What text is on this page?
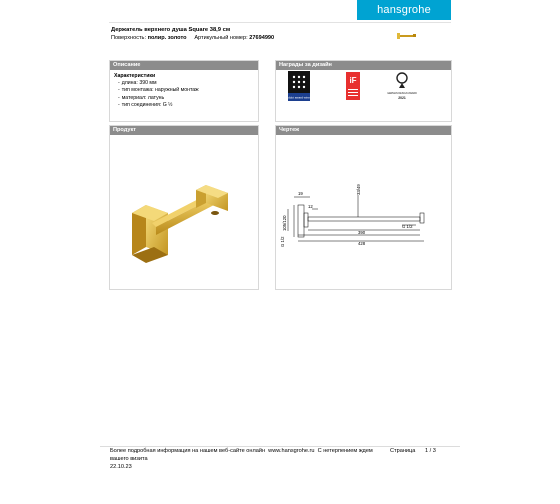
hansgrohe
Держатель верхнего душа Square 38,9 см
Поверхность: полир. золото Артикульный номер: 27694990
Описание
Характеристики
- длина: 390 мм
- тип монтажа: наружный монтаж
- материал: латунь
- тип соединения: G ½
Награды за дизайн
reddot award winner
iF
GERMAN DESIGN AWARD
2021
Продукт	Чертеж
19	33/49
12
105/120
G 1/2
G 1/2
390
428
Более подробная информация на нашем веб-сайте онлайн www.hansgrohe.ru С нетерпением ждем

вашего визита
Страница 1 / 3
22.10.23
